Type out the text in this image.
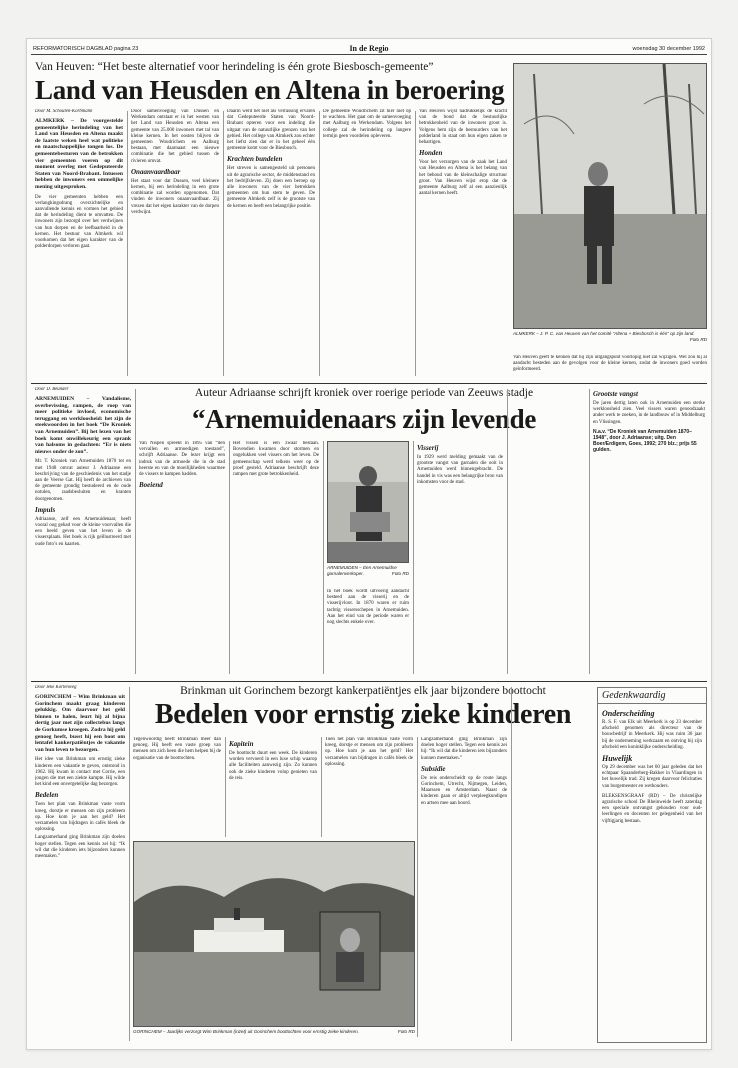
REFORMATORISCH DAGBLAD pagina 23	In de Regio	woensdag 30 december 1992
Van Heuven: “Het beste alternatief voor herindeling is één grote Biesbosch-gemeente”
Land van Heusden en Altena in beroering
Door M. Schouten-Korbmann
ALMKERK – De voorgestelde gemeentelijke herindeling van het Land van Heusden en Altena maakt de laatste weken heel wat politieke en maatschappelijke tongen los. De gemeentebesturen van de betrokken vier gemeenten voeren op dit moment overleg met Gedeputeerde Staten van Noord-Brabant. Intussen hebben de inwoners een ommelijke mening uitgesproken.
De vier gemeenten hebben een verlangkingsdrang overzichtelijke en aanvullende kennis en vormen het gebied dat de herindeling dient te omvatten. De inwoners zijn bezorgd over het verdwijnen van hun dorpen en de leefbaarheid in de kernen. Het bestuur van Almkerk wil voorkomen dat het eigen karakter van de polderdorpen verloren gaat.
Door samenvoeging van Dussen en Werkendam ontstaat er in het westen van het Land van Heusden en Altena een gemeente van 25.000 inwoners met tal van kleine kernen. In het oosten blijven de gemeenten Woudrichem en Aalburg bestaan, met daarnaast een nieuwe combinatie die het gebied tussen de rivieren omvat.
Onaanvaardbaar
Het staat voor dat Dussen, veel kleinere kernen, bij een herindeling in een grote combinatie zal worden opgenomen. Dat vinden de inwoners onaanvaardbaar. Zij vrezen dat het eigen karakter van de dorpen verdwijnt.
Daarin werd het niet als verrassing ervaren dat Gedeputeerde Staten van Noord-Brabant opteren voor een indeling die uitgaat van de natuurlijke grenzen van het gebied. Het college van Almkerk zou echter het liefst zien dat er in het geheel één gemeente komt voor de Biesbosch.
Krachten bundelen
Het streven is samengesteld uit personen uit de agrarische sector, de middenstand en het bedrijfsleven. Zij doen een beroep op alle inwoners van de vier betrokken gemeenten om hun stem te geven. De gemeente Almkerk zelf is de grootste van de kernen en heeft een belangrijke positie.
De gemeente Woudrichem zit hier niet op te wachten. Het gaat om de samenvoeging met Aalburg en Werkendam. Volgens het college zal de herindeling op langere termijn geen voordelen opleveren.
Van Heuven wijst nadrukkelijk de kracht van de bond dat de bestuurlijke betrokkenheid van de inwoners groot is. Volgens hem zijn de bestuurders van het polderland in staat om hun eigen zaken te behartigen.
Honden
Voor het verzorgen van de zaak het Land van Heusden en Altena is het belang van het behoud van de kleinschalige structuur groot. Van Heuven wijst erop dat de gemeente Aalburg zelf al een aanzienlijk aantal kernen heeft.
ALMKERK – J. P. C. van Heuven van het comité “Altena + Biesbosch is één” op zijn land.
Foto RD
Van Heuven geeft te kennen dat hij zijn uitgangspunt voorlopig niet zal wijzigen. Wel zou hij al aandacht besteden aan de gevolgen voor de kleine kernen, zodat de inwoners goed worden geïnformeerd.
Door D. Beunder
ARNEMUIDEN – Vandalisme, overbevissing, rampen, de roep van meer politieke invloed, economische teruggang en werkloosheid: het zijn de steekwoorden in het boek “De Kroniek van Arnemuiden”. Bij het lezen van het boek komt onwillekeurig een sprank van halsoms in gedachten: “Er is niets nieuws onder de zon”.
Mr. T. Kroniek van Arnemuiden 1870 tot en met 1948 omvat auteur J. Adriaanse een beschrijving van de geschiedenis van het stadje aan de Veerse Gat. Hij heeft de archieven van de gemeente grondig bestudeerd en de oude notulen, raadsbesluiten en kranten doorgenomen.
Impuls
Adriaanse, zelf een Arnemuidenaar, heeft vooral oog gehad voor de kleine voorvallen die een beeld geven van het leven in de vissersplaats. Het boek is rijk geïllustreerd met oude foto’s en kaarten.
Auteur Adriaanse schrijft kroniek over roerige periode van Zeeuws stadje
“Arnemuidenaars zijn levende
Van Nispen spreekt in 1895 van “den vervallen en armoedigen toestand”, schrijft Adriaanse. De lezer krijgt een indruk van de armoede die in de stad heerste en van de moeilijkheden waarmee de vissers te kampen hadden.
Boeiend
Het vissen is een zwaar bestaan. Bovendien kwamen door stormen en ongelukken veel vissers om het leven. De gemeenschap werd telkens weer op de proef gesteld. Adriaanse beschrijft deze rampen met grote betrokkenheid.
ARNEMUIDEN – Een Arnemuidse garnalenverkoper.	Foto RD
In het boek wordt uitvoerig aandacht besteed aan de visserij en de visserijvloot. In 1870 waren er ruim tachtig vissersschepen in Arnemuiden. Aan het eind van de periode waren er nog slechts enkele over.
Visserij
In 1929 werd melding gemaakt van de grootste vangst van garnalen die ooit in Arnemuiden werd binnengebracht. De handel in vis was een belangrijke bron van inkomsten voor de stad.
Grootste vangst
De jaren dertig laten ook in Arnemuiden een sterke werkloosheid zien. Veel vissers waren genoodzaakt ander werk te zoeken, in de landbouw of in Middelburg en Vlissingen.
N.a.v. “De Kroniek van Arnemuiden 1870–1948”, door J. Adriaanse; uitg. Den Boer/Erdigem, Goes, 1992; 270 blz.; prijs 55 gulden.
Door Ieke Kortenweg
GORINCHEM – Wim Brinkman uit Gorinchem maakt graag kinderen gelukkig. Om daarvoor het geld binnen te halen, leurt hij al bijna dertig jaar met zijn collectebus langs de Gorkumse kroegen. Zodra hij geld genoeg heeft, busst hij een boot om lentafel kankerpatiëntjes de vakantie van hun leven te bezorgen.
Het idee van Brinkman om ernstig zieke kinderen een vakantie te geven, ontstond in 1962. Hij kwam in contact met Corrie, een jongen die met een ziekte kampte. Hij wilde het kind een onvergetelijke dag bezorgen.
Bedelen
Toen het plan van Brinkman vaste vorm kreeg, dorstje er mensen om zijn probleem op. Hoe kom je aan het geld? Het verzamelen van bijdragen in cafés bleek de oplossing.
Langzamerhand ging Brinkman zijn doelen hoger stellen. Tegen een kennis zei hij: “Ik wil dat die kinderen iets bijzonders kunnen meemaken.”
Brinkman uit Gorinchem bezorgt kankerpatiëntjes elk jaar bijzondere boottocht
Bedelen voor ernstig zieke kinderen
Tegenwoordig heeft Brinkman meer dan genoeg. Hij heeft een vaste groep van mensen om zich heen die hem helpen bij de organisatie van de boottochten.
Kapitein
De boottocht duurt een week. De kinderen worden vervoerd in een luxe schip waarop alle faciliteiten aanwezig zijn. Zo kunnen ook de zieke kinderen volop genieten van de reis.
Toen het plan van Brinkman vaste vorm kreeg, dorstje er mensen om zijn probleem op. Hoe kom je aan het geld? Het verzamelen van bijdragen in cafés bleek de oplossing.
Langzamerhand ging Brinkman zijn doelen hoger stellen. Tegen een kennis zei hij: “Ik wil dat die kinderen iets bijzonders kunnen meemaken.”
Subsidie
De reis onderscheidt op de route langs Gorinchem, Utrecht, Nijmegen, Leiden, Maarssen en Amsterdam. Naast de kinderen gaan er altijd verpleegkundigen en artsen mee aan boord.
GORINCHEM – Jaarlijks verzorgt Wim Brinkman (inzet) uit Gorinchem boottochten voor ernstig zieke kinderen.	Foto RD
Gedenkwaardig
Onderscheiding
R. S. F. van Elk uit Meerkerk is op 23 december afscheid genomen als directeur van de bouwbedrijf in Meerkerk. Hij was ruim 30 jaar bij de onderneming werkzaam en ontving bij zijn afscheid een koninklijke onderscheiding.
Huwelijk
Op 29 december was het 60 jaar geleden dat het echtpaar Spaanderberg-Bakker in Vlaardingen in het huwelijk trad. Zij kregen daarvoor felicitaties van burgemeester en wethouders.
BLEKSENSGRAAF (RD) – De christelijke agrarische school De Rheinweide heeft zaterdag een speciale ontvangst gehouden voor oud-leerlingen en docenten ter gelegenheid van het vijftigjarig bestaan.
